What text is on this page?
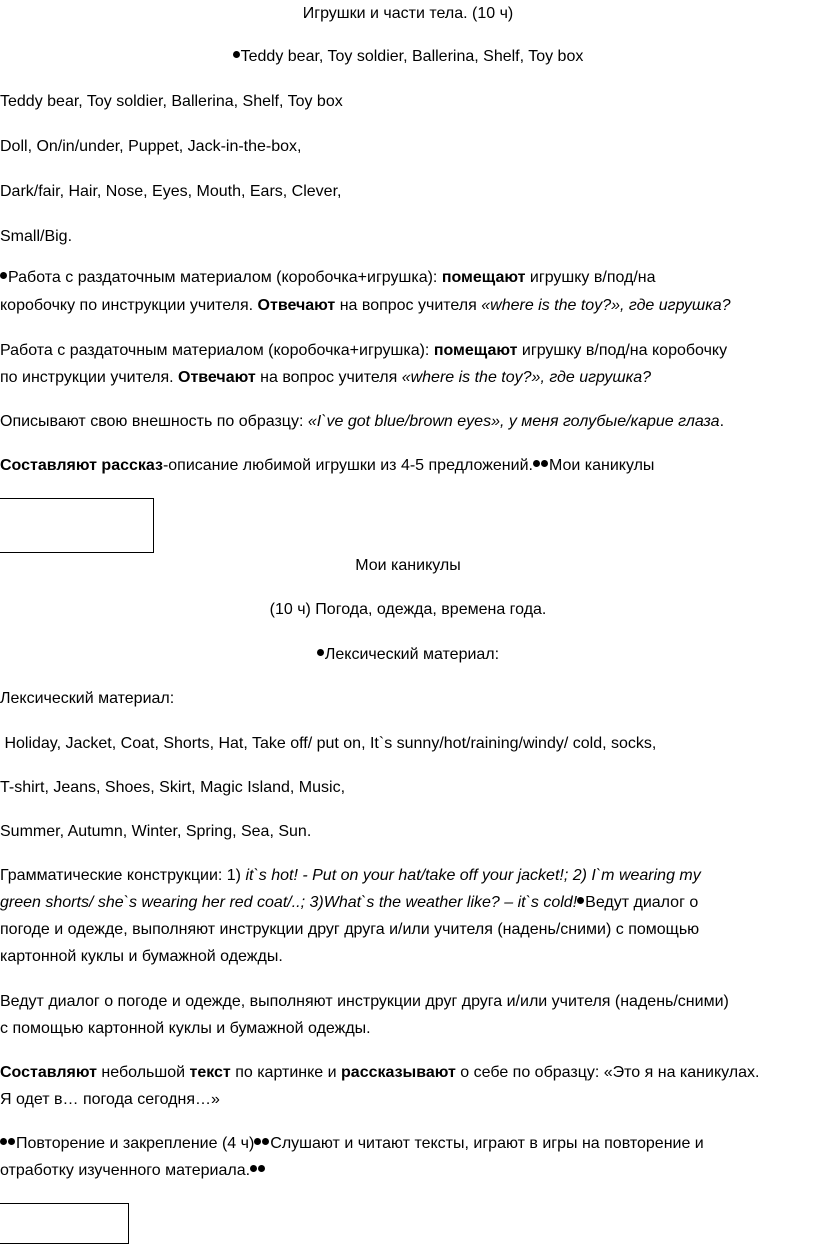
Игрушки и части тела. (10 ч)
Teddy bear, Toy soldier, Ballerina, Shelf, Toy box
Teddy bear, Toy soldier, Ballerina, Shelf, Toy box
Doll, On/in/under, Puppet, Jack-in-the-box,
Dark/fair, Hair, Nose, Eyes, Mouth, Ears, Clever,
Small/Big.
Работа с раздаточным материалом (коробочка+игрушка): помещают игрушку в/под/на
коробочку по инструкции учителя. Отвечают на вопрос учителя «where is the toy?», где игрушка?
Работа с раздаточным материалом (коробочка+игрушка): помещают игрушку в/под/на коробочку
по инструкции учителя. Отвечают на вопрос учителя «where is the toy?», где игрушка?
Описывают свою внешность по образцу: «I`ve got blue/brown eyes», у меня голубые/карие глаза.
Составляют рассказ-описание любимой игрушки из 4-5 предложений. Мои каникулы
Мои каникулы
(10 ч) Погода, одежда, времена года.
Лексический материал:
Лексический материал:
Holiday, Jacket, Coat, Shorts, Hat, Take off/ put on, It`s sunny/hot/raining/windy/ cold, socks,
T-shirt, Jeans, Shoes, Skirt, Magic Island, Music,
Summer, Autumn, Winter, Spring, Sea, Sun.
Грамматические конструкции: 1) it`s hot! - Put on your hat/take off your jacket!; 2) I`m wearing my
green shorts/ she`s wearing her red coat/..; 3)What`s the weather like? – it`s cold! Ведут диалог о
погоде и одежде, выполняют инструкции друг друга и/или учителя (надень/сними) с помощью
картонной куклы и бумажной одежды.
Ведут диалог о погоде и одежде, выполняют инструкции друг друга и/или учителя (надень/сними)
с помощью картонной куклы и бумажной одежды.
Составляют небольшой текст по картинке и рассказывают о себе по образцу: «Это я на каникулах.
Я одет в… погода сегодня…»
Повторение и закрепление (4 ч) Слушают и читают тексты, играют в игры на повторение и
отработку изученного материала.
